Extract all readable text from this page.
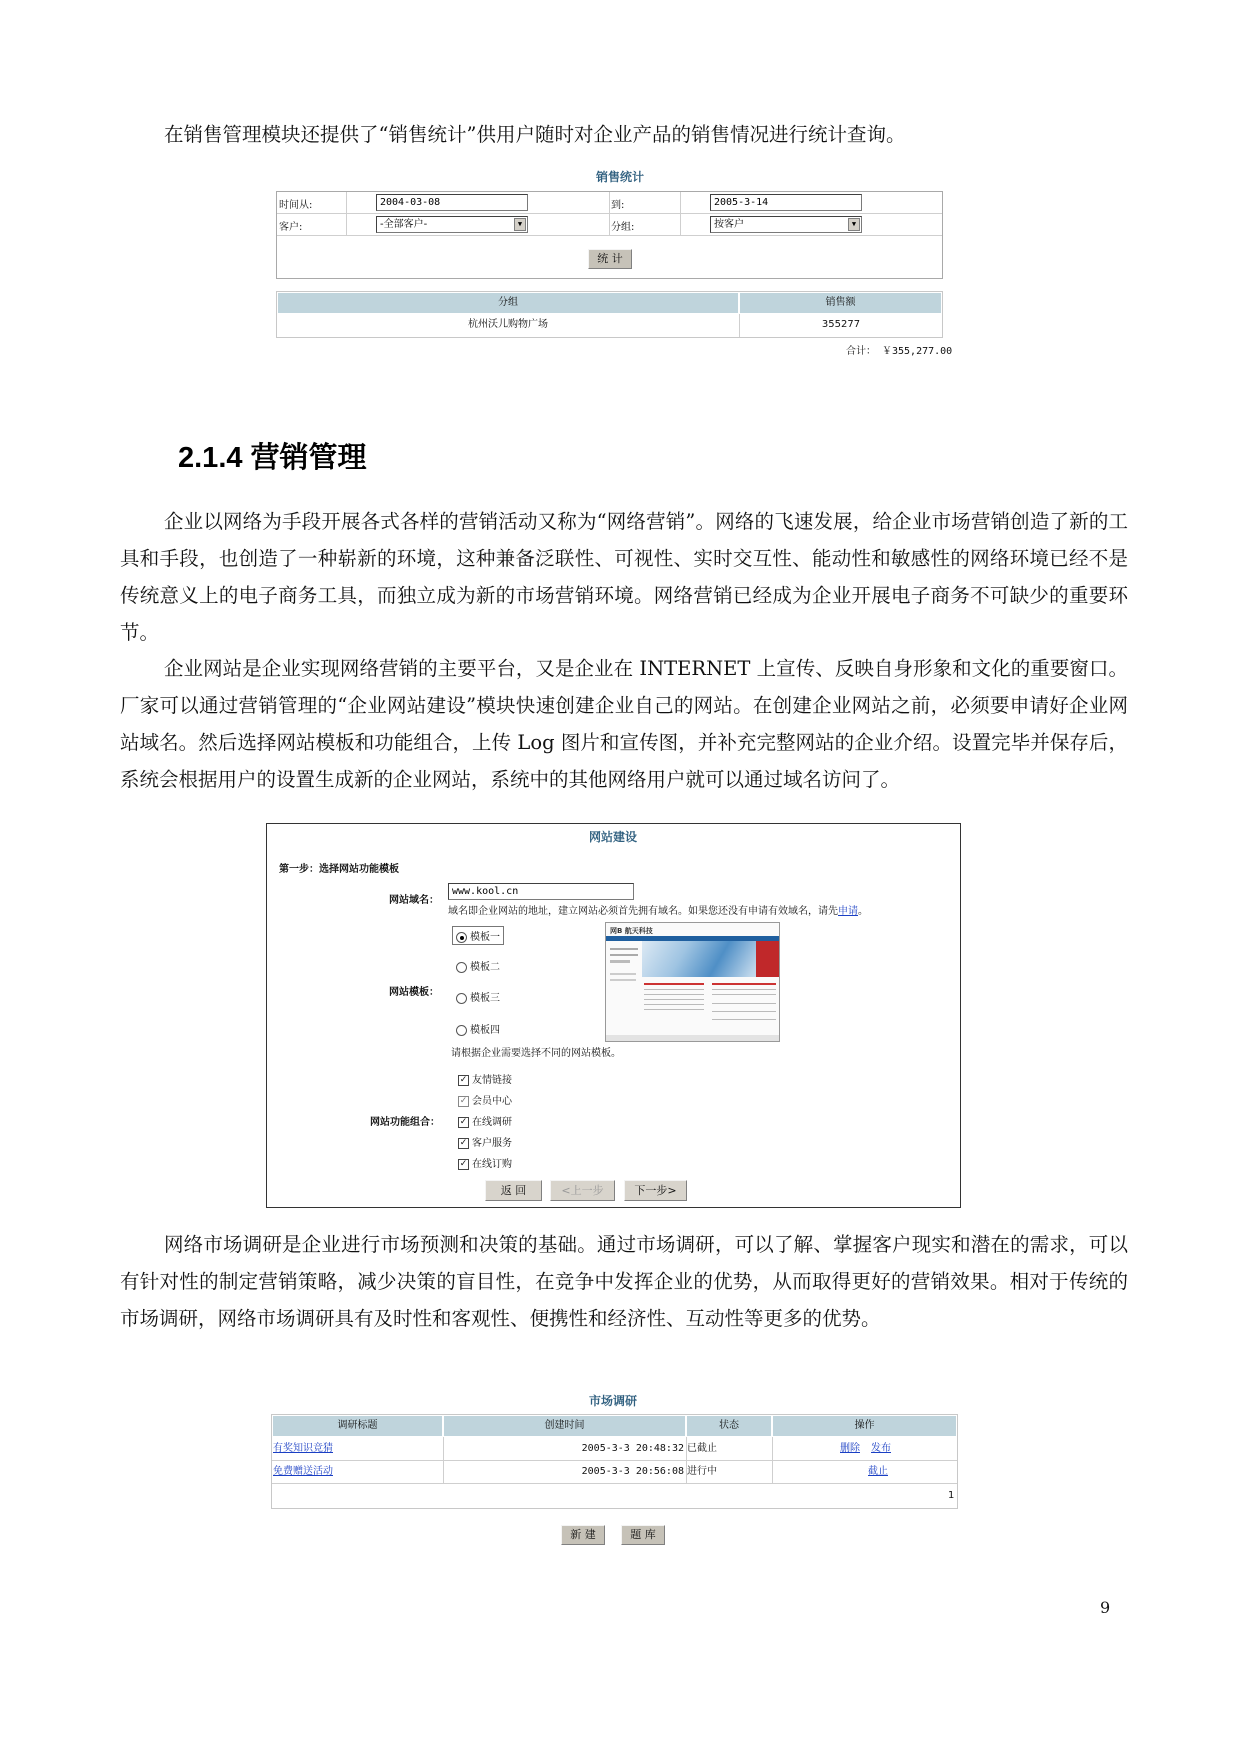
在销售管理模块还提供了“销售统计”供用户随时对企业产品的销售情况进行统计查询。
销售统计
时间从:	2004-03-08	到:	2005-3-14
客户:	-全部客户-	▼	分组:	按客户	▼
统 计
分组	销售额
杭州沃儿购物广场	355277
合计： ￥355,277.00
2.1.4 营销管理
企业以网络为手段开展各式各样的营销活动又称为“网络营销”。网络的飞速发展，给企业市场营销创造了新的工具和手段，也创造了一种崭新的环境，这种兼备泛联性、可视性、实时交互性、能动性和敏感性的网络环境已经不是传统意义上的电子商务工具，而独立成为新的市场营销环境。网络营销已经成为企业开展电子商务不可缺少的重要环节。
企业网站是企业实现网络营销的主要平台，又是企业在 INTERNET 上宣传、反映自身形象和文化的重要窗口。厂家可以通过营销管理的“企业网站建设”模块快速创建企业自己的网站。在创建企业网站之前，必须要申请好企业网站域名。然后选择网站模板和功能组合，上传 Log 图片和宣传图，并补充完整网站的企业介绍。设置完毕并保存后，系统会根据用户的设置生成新的企业网站，系统中的其他网络用户就可以通过域名访问了。
网站建设
第一步：选择网站功能模板
网站域名：
www.kool.cn
域名即企业网站的地址，建立网站必须首先拥有域名。如果您还没有申请有效域名，请先申请。
模板一
模板二
网站模板：
模板三
模板四
请根据企业需要选择不同的网站模板。
网B 航天科技
网站功能组合：
✓ 友情链接
✓ 会员中心
✓ 在线调研
✓ 客户服务
✓ 在线订购
返 回	<上一步	下一步>
网络市场调研是企业进行市场预测和决策的基础。通过市场调研，可以了解、掌握客户现实和潜在的需求，可以有针对性的制定营销策略，减少决策的盲目性，在竞争中发挥企业的优势，从而取得更好的营销效果。相对于传统的市场调研，网络市场调研具有及时性和客观性、便携性和经济性、互动性等更多的优势。
市场调研
调研标题	创建时间	状态	操作
有奖知识竞猜	2005-3-3 20:48:32 已截止	删除 发布
免费赠送活动	2005-3-3 20:56:08 进行中	截止
1
新 建	题 库
9
